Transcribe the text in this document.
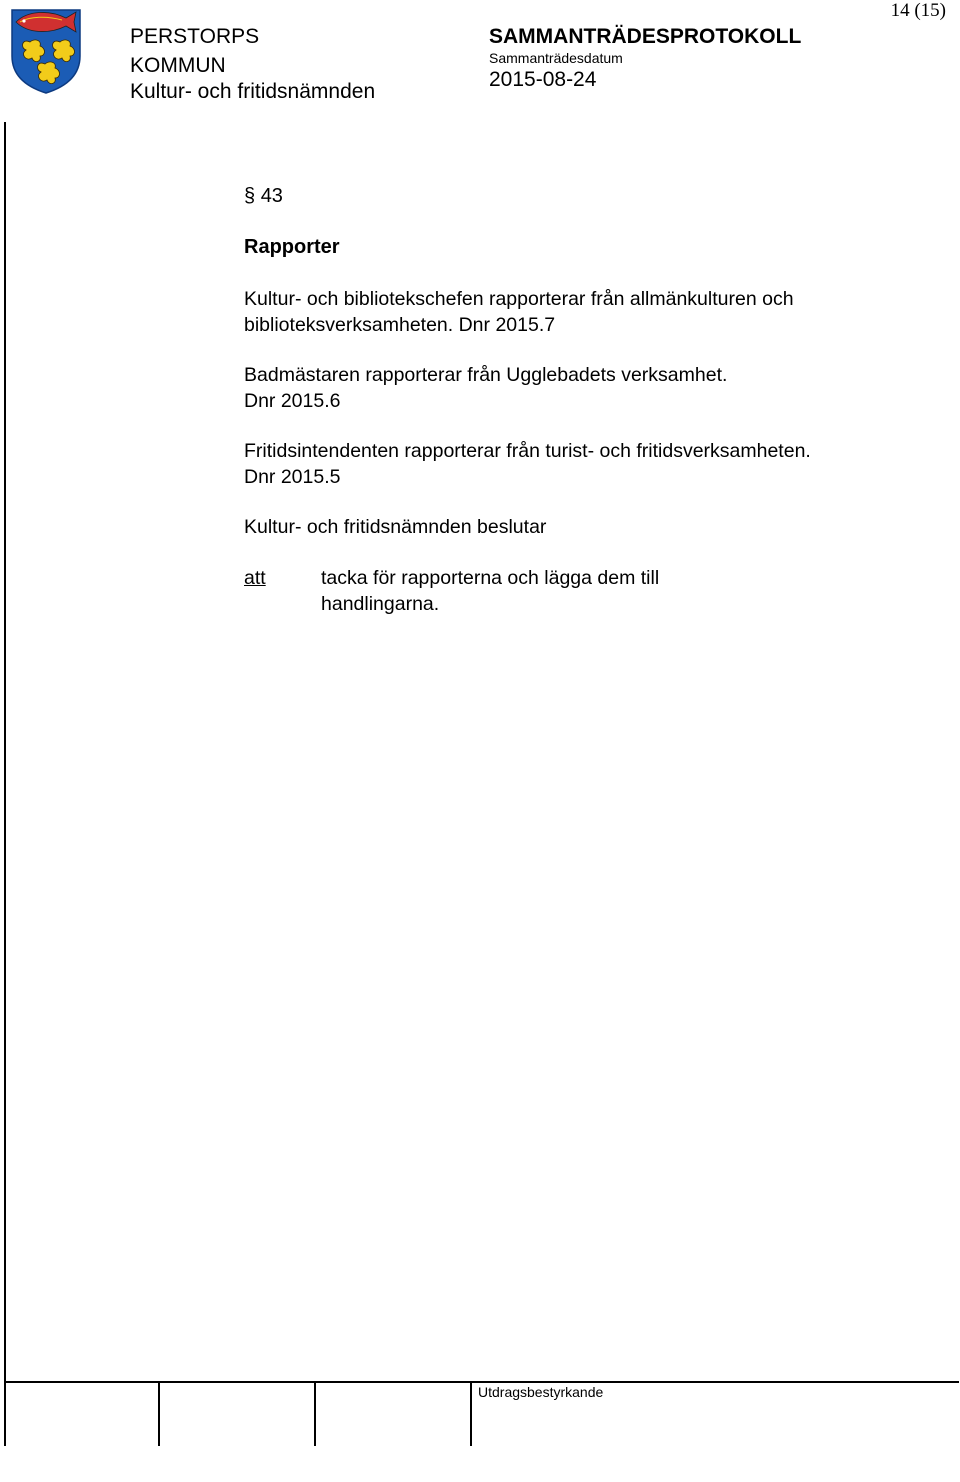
14 (15)
PERSTORPS
KOMMUN
Kultur- och fritidsnämnden
SAMMANTRÄDESPROTOKOLL
Sammanträdesdatum
2015-08-24
§ 43
Rapporter
Kultur- och bibliotekschefen rapporterar från allmänkulturen och
biblioteksverksamheten. Dnr 2015.7
Badmästaren rapporterar från Ugglebadets verksamhet.
Dnr 2015.6
Fritidsintendenten rapporterar från turist- och fritidsverksamheten.
Dnr 2015.5
Kultur- och fritidsnämnden beslutar
att	tacka för rapporterna och lägga dem till
handlingarna.
Utdragsbestyrkande
